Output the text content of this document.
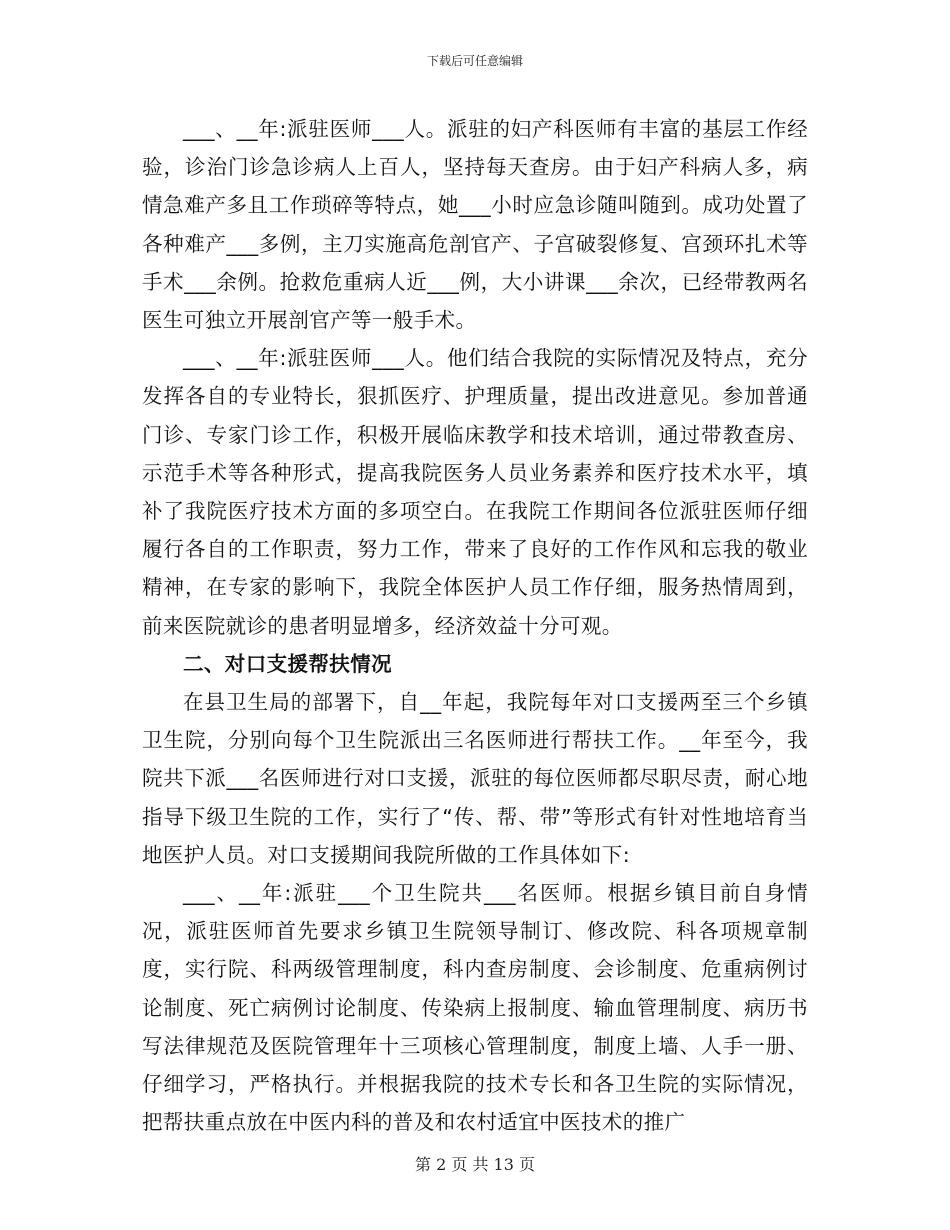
下载后可任意编辑

___、__年:派驻医师___人。派驻的妇产科医师有丰富的基层工作经验，诊治门诊急诊病人上百人，坚持每天查房。由于妇产科病人多，病情急难产多且工作琐碎等特点，她___小时应急诊随叫随到。成功处置了各种难产___多例，主刀实施高危剖官产、子宫破裂修复、宫颈环扎术等手术___余例。抢救危重病人近___例，大小讲课___余次，已经带教两名医生可独立开展剖官产等一般手术。

___、__年:派驻医师___人。他们结合我院的实际情况及特点，充分发挥各自的专业特长，狠抓医疗、护理质量，提出改进意见。参加普通门诊、专家门诊工作，积极开展临床教学和技术培训，通过带教查房、示范手术等各种形式，提高我院医务人员业务素养和医疗技术水平，填补了我院医疗技术方面的多项空白。在我院工作期间各位派驻医师仔细履行各自的工作职责，努力工作，带来了良好的工作作风和忘我的敬业精神，在专家的影响下，我院全体医护人员工作仔细，服务热情周到，前来医院就诊的患者明显增多，经济效益十分可观。

二、对口支援帮扶情况

在县卫生局的部署下，自__年起，我院每年对口支援两至三个乡镇卫生院，分别向每个卫生院派出三名医师进行帮扶工作。__年至今，我院共下派___名医师进行对口支援，派驻的每位医师都尽职尽责，耐心地指导下级卫生院的工作，实行了“传、帮、带”等形式有针对性地培育当地医护人员。对口支援期间我院所做的工作具体如下:

___、__年:派驻___个卫生院共___名医师。根据乡镇目前自身情况，派驻医师首先要求乡镇卫生院领导制订、修改院、科各项规章制度，实行院、科两级管理制度，科内查房制度、会诊制度、危重病例讨论制度、死亡病例讨论制度、传染病上报制度、输血管理制度、病历书写法律规范及医院管理年十三项核心管理制度，制度上墙、人手一册、仔细学习，严格执行。并根据我院的技术专长和各卫生院的实际情况，把帮扶重点放在中医内科的普及和农村适宜中医技术的推广

第 2 页 共 13 页
